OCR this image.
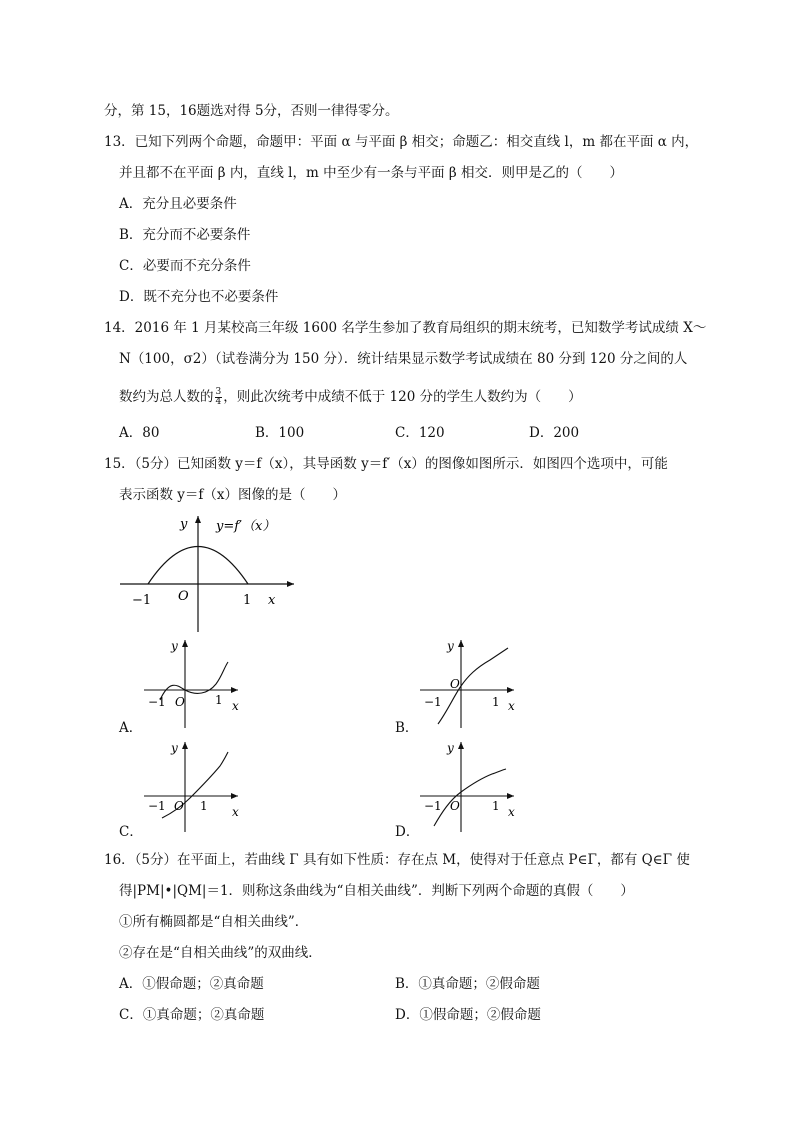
分，第 15，16题选对得 5分，否则一律得零分。
13．已知下列两个命题，命题甲：平面 α 与平面 β 相交；命题乙：相交直线 l，m 都在平面 α 内，
并且都不在平面 β 内，直线 l，m 中至少有一条与平面 β 相交．则甲是乙的（　　）
A．充分且必要条件
B．充分而不必要条件
C．必要而不充分条件
D．既不充分也不必要条件
14．2016 年 1 月某校高三年级 1600 名学生参加了教育局组织的期末统考，已知数学考试成绩 X～
N（100，σ2）（试卷满分为 150 分）．统计结果显示数学考试成绩在 80 分到 120 分之间的人
数约为总人数的 $\frac{3}{4}$ ，则此次统考中成绩不低于 120 分的学生人数约为（　　）
A．80	B．100	C．120	D．200
15．（5分）已知函数 y＝f（x），其导函数 y＝f′（x）的图像如图所示．如图四个选项中，可能
表示函数 y＝f（x）图像的是（　　）
y y=f′（x）
O
−1	1 x
A．
y
O
−1	1 x
B．
y
O
−1	1 x
C．
y
O
−1	1 x
D．
y
O
−1	1 x
16．（5分）在平面上，若曲线 Γ 具有如下性质：存在点 M，使得对于任意点 P∈Γ，都有 Q∈Γ 使
得|PM|•|QM|＝1．则称这条曲线为“自相关曲线”．判断下列两个命题的真假（　　）
①所有椭圆都是“自相关曲线”．
②存在是“自相关曲线”的双曲线．
A．①假命题；②真命题	B．①真命题；②假命题
C．①真命题；②真命题	D．①假命题；②假命题
